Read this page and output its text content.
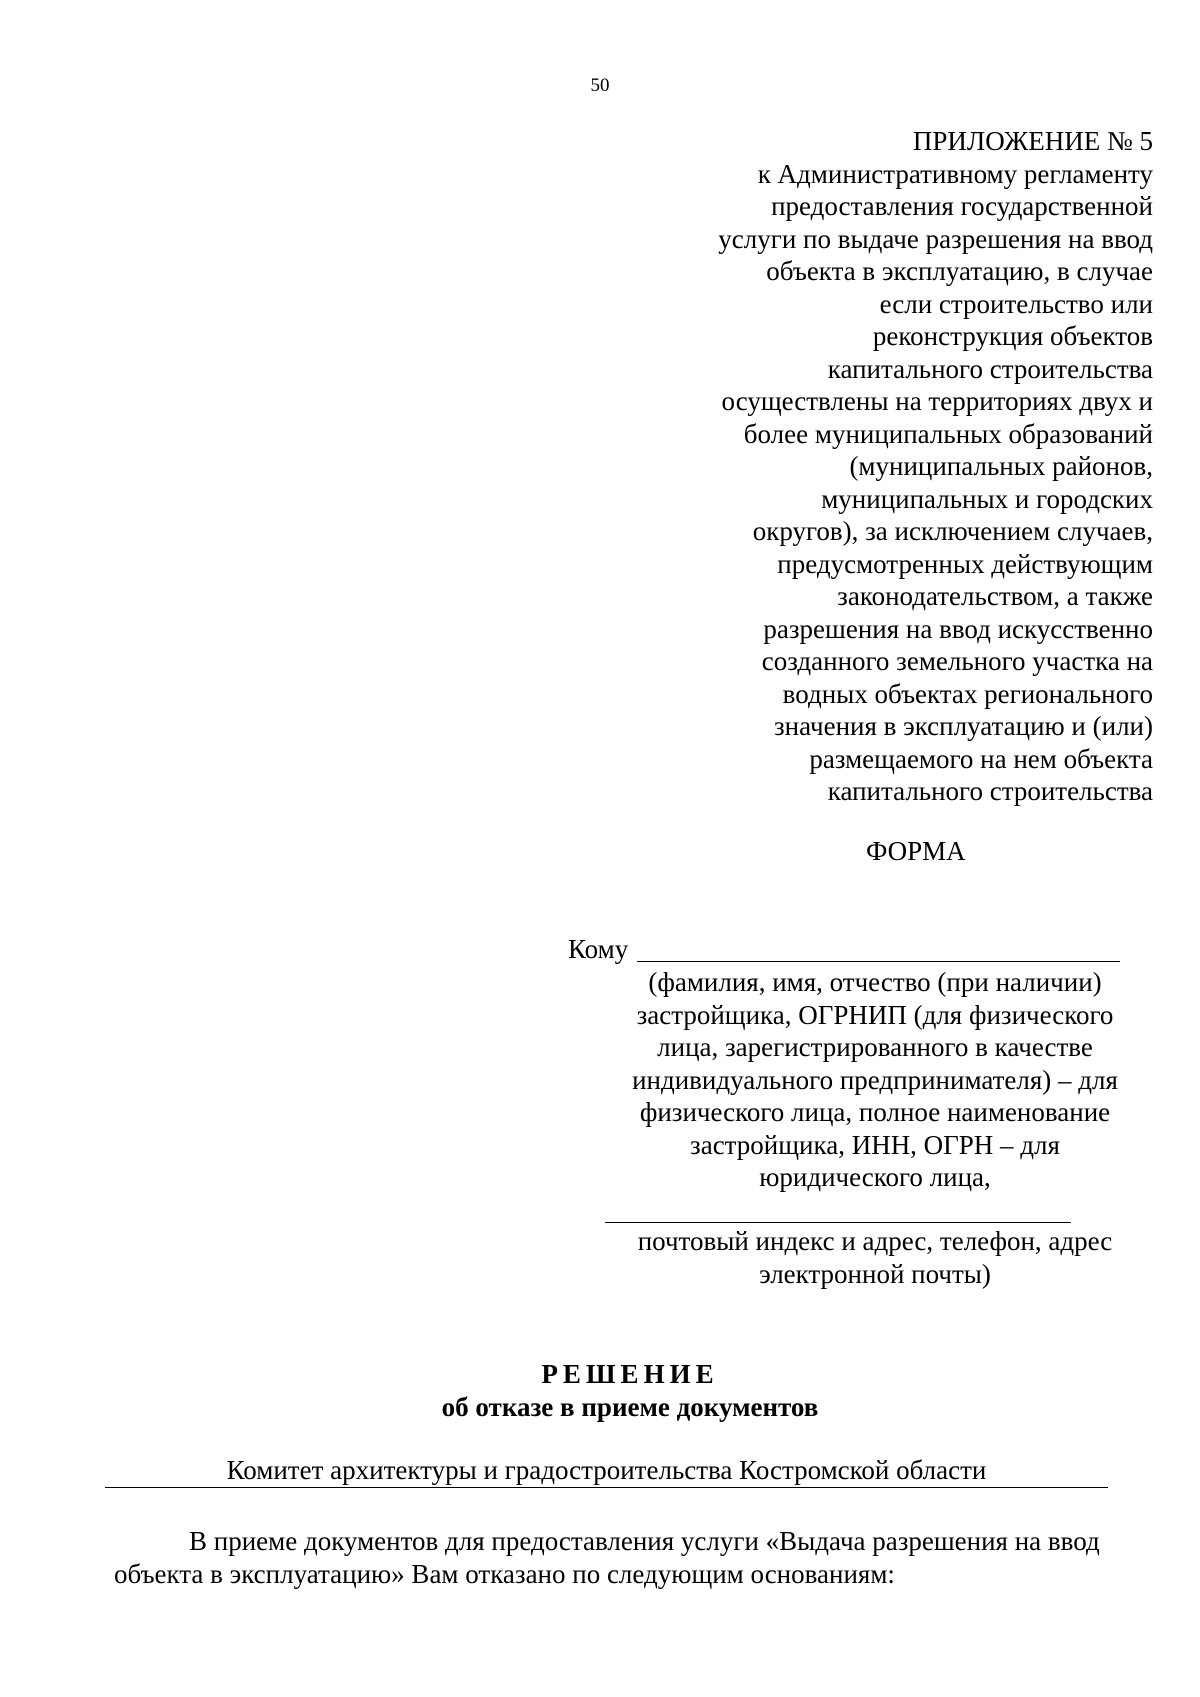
50
ПРИЛОЖЕНИЕ № 5
к Административному регламенту
предоставления государственной
услуги по выдаче разрешения на ввод
объекта в эксплуатацию, в случае
если строительство или
реконструкция объектов
капитального строительства
осуществлены на территориях двух и
более муниципальных образований
(муниципальных районов,
муниципальных и городских
округов), за исключением случаев,
предусмотренных действующим
законодательством, а также
разрешения на ввод искусственно
созданного земельного участка на
водных объектах регионального
значения в эксплуатацию и (или)
размещаемого на нем объекта
капитального строительства
ФОРМА
Кому
(фамилия, имя, отчество (при наличии)
застройщика, ОГРНИП (для физического
лица, зарегистрированного в качестве
индивидуального предпринимателя) – для
физического лица, полное наименование
застройщика, ИНН, ОГРН – для
юридического лица,
почтовый индекс и адрес, телефон, адрес
электронной почты)
РЕШЕНИЕ
об отказе в приеме документов
Комитет архитектуры и градостроительства Костромской области
В приеме документов для предоставления услуги «Выдача разрешения на ввод
объекта в эксплуатацию» Вам отказано по следующим основаниям:
